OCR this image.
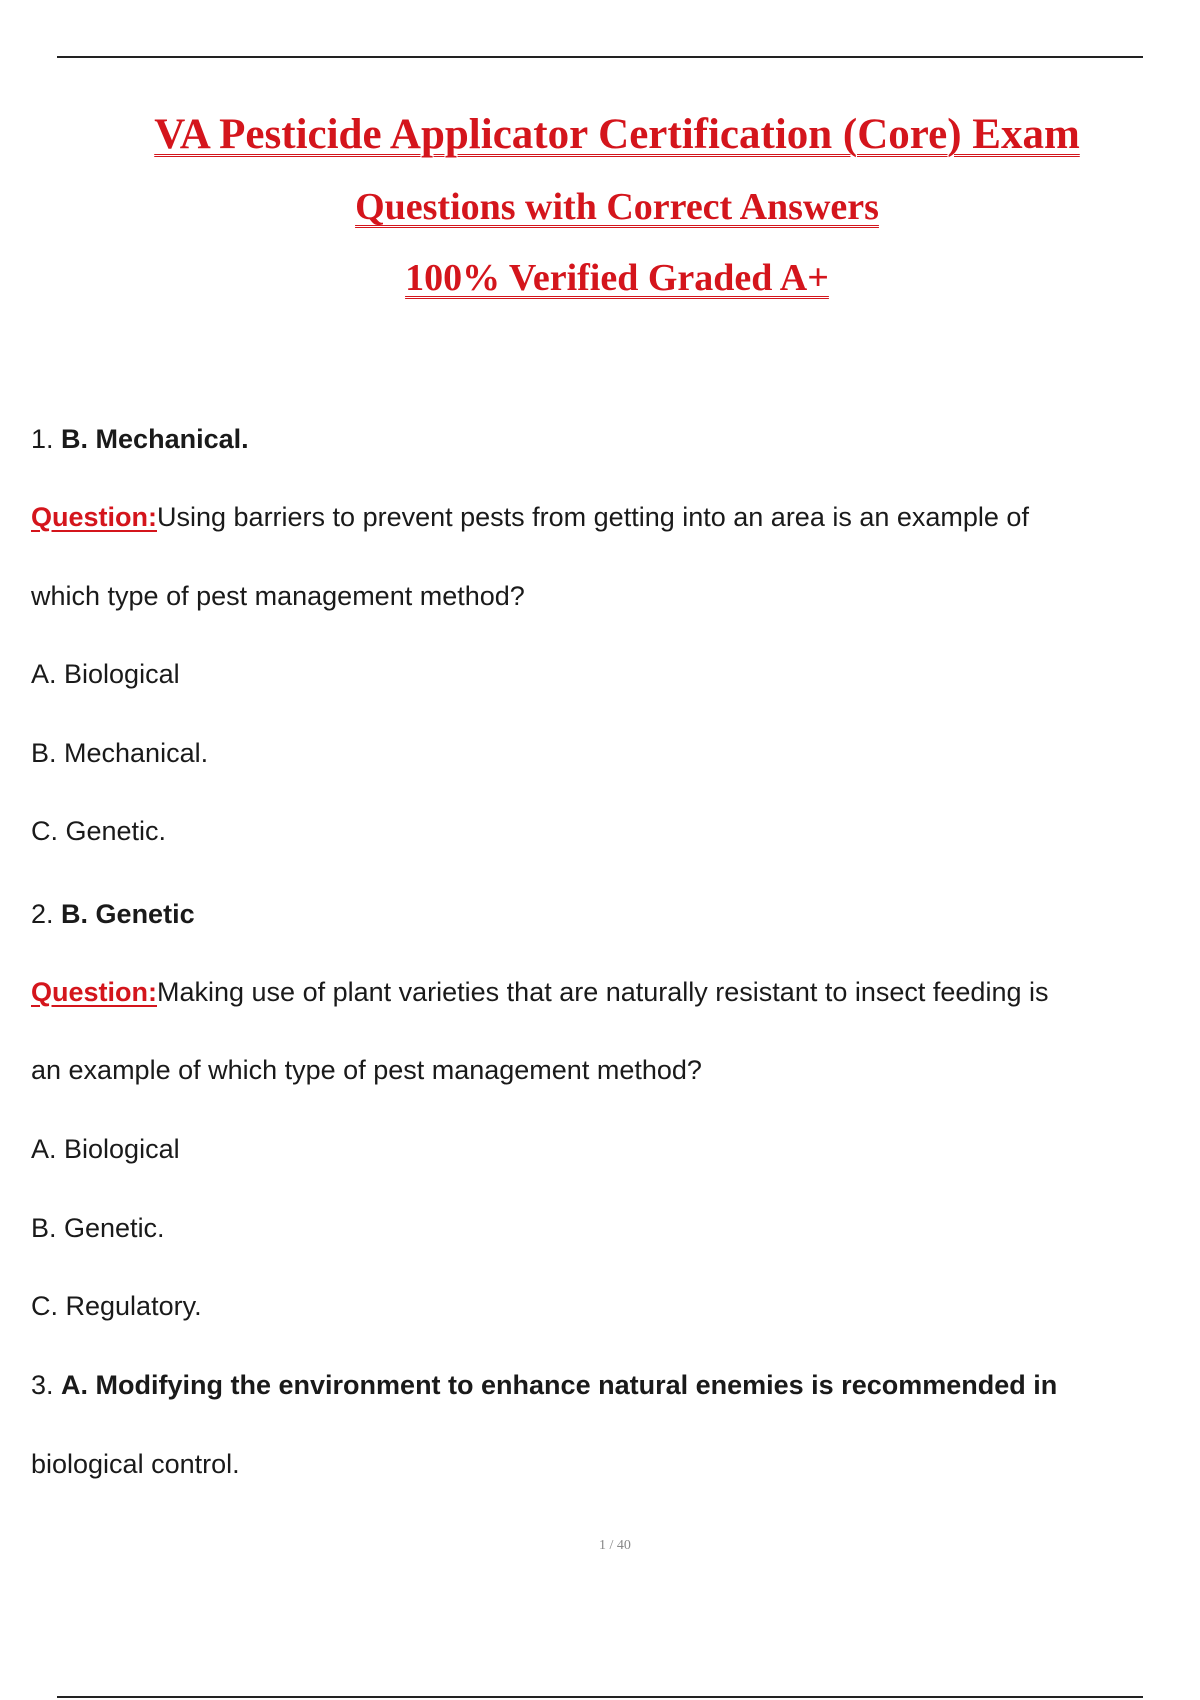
VA Pesticide Applicator Certification (Core) Exam
Questions with Correct Answers
100% Verified Graded A+
1. B. Mechanical.
Question:Using barriers to prevent pests from getting into an area is an example of
which type of pest management method?
A. Biological
B. Mechanical.
C. Genetic.
2. B. Genetic
Question:Making use of plant varieties that are naturally resistant to insect feeding is
an example of which type of pest management method?
A. Biological
B. Genetic.
C. Regulatory.
3. A. Modifying the environment to enhance natural enemies is recommended in
biological control.
1 / 40
